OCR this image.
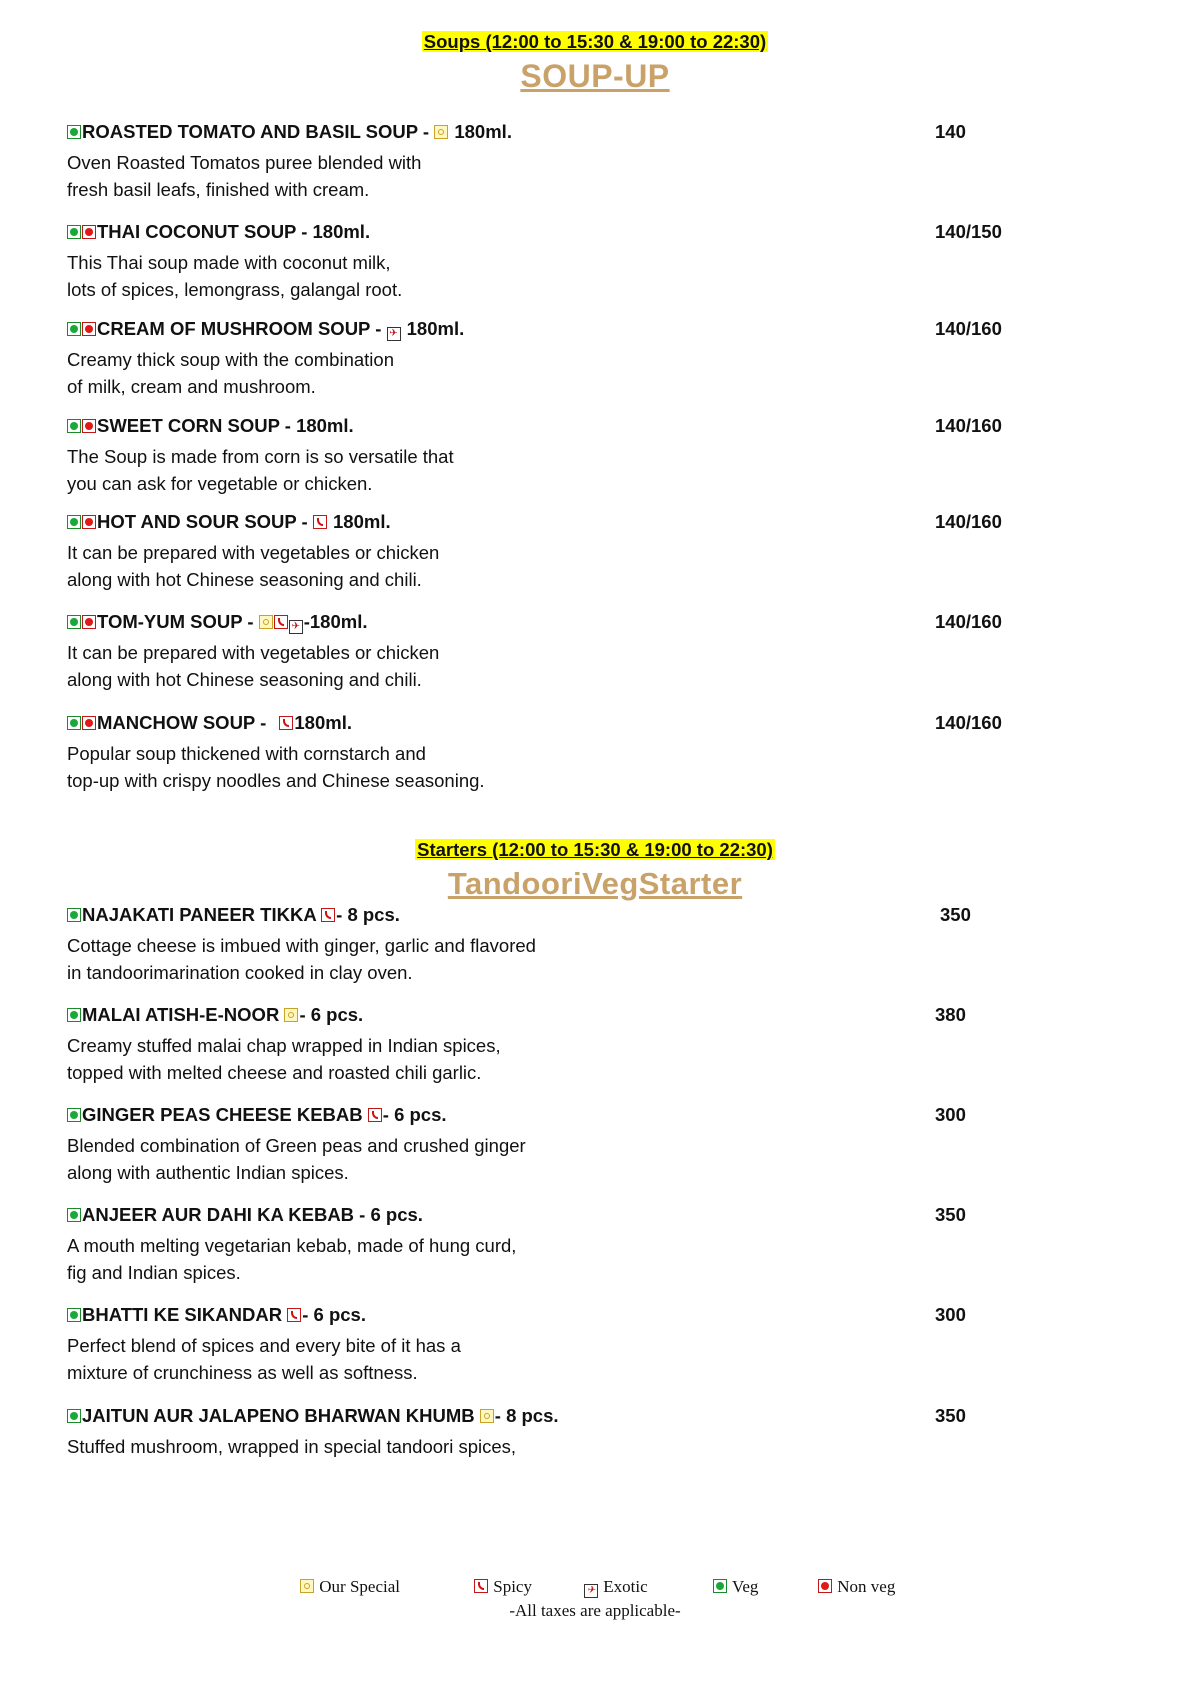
Soups (12:00 to 15:30 & 19:00 to 22:30)
SOUP-UP
ROASTED TOMATO AND BASIL SOUP -  180ml.	140
Oven Roasted Tomatos puree blended with
fresh basil leafs, finished with cream.
THAI COCONUT SOUP - 180ml.	140/150
This Thai soup made with coconut milk,
lots of spices, lemongrass, galangal root.
CREAM OF MUSHROOM SOUP - ✈ 180ml.	140/160
Creamy thick soup with the combination
of milk, cream and mushroom.
SWEET CORN SOUP - 180ml.	140/160
The Soup is made from corn is so versatile that
you can ask for vegetable or chicken.
HOT AND SOUR SOUP -  180ml.	140/160
It can be prepared with vegetables or chicken
along with hot Chinese seasoning and chili.
TOM-YUM SOUP -	✈ -180ml.	140/160
It can be prepared with vegetables or chicken
along with hot Chinese seasoning and chili.
MANCHOW SOUP - 180ml.	140/160
Popular soup thickened with cornstarch and
top-up with crispy noodles and Chinese seasoning.
Starters (12:00 to 15:30 & 19:00 to 22:30)
TandooriVegStarter
NAJAKATI PANEER TIKKA - 8 pcs.	350
Cottage cheese is imbued with ginger, garlic and flavored
in tandoorimarination cooked in clay oven.
MALAI ATISH-E-NOOR - 6 pcs.	380
Creamy stuffed malai chap wrapped in Indian spices,
topped with melted cheese and roasted chili garlic.
GINGER PEAS CHEESE KEBAB - 6 pcs.	300
Blended combination of Green peas and crushed ginger
along with authentic Indian spices.
ANJEER AUR DAHI KA KEBAB - 6 pcs.	350
A mouth melting vegetarian kebab, made of hung curd,
fig and Indian spices.
BHATTI KE SIKANDAR - 6 pcs.	300
Perfect blend of spices and every bite of it has a
mixture of crunchiness as well as softness.
JAITUN AUR JALAPENO BHARWAN KHUMB - 8 pcs.	350
Stuffed mushroom, wrapped in special tandoori spices,
Our Special	Spicy	✈ Exotic	Veg	Non veg
-All taxes are applicable-
